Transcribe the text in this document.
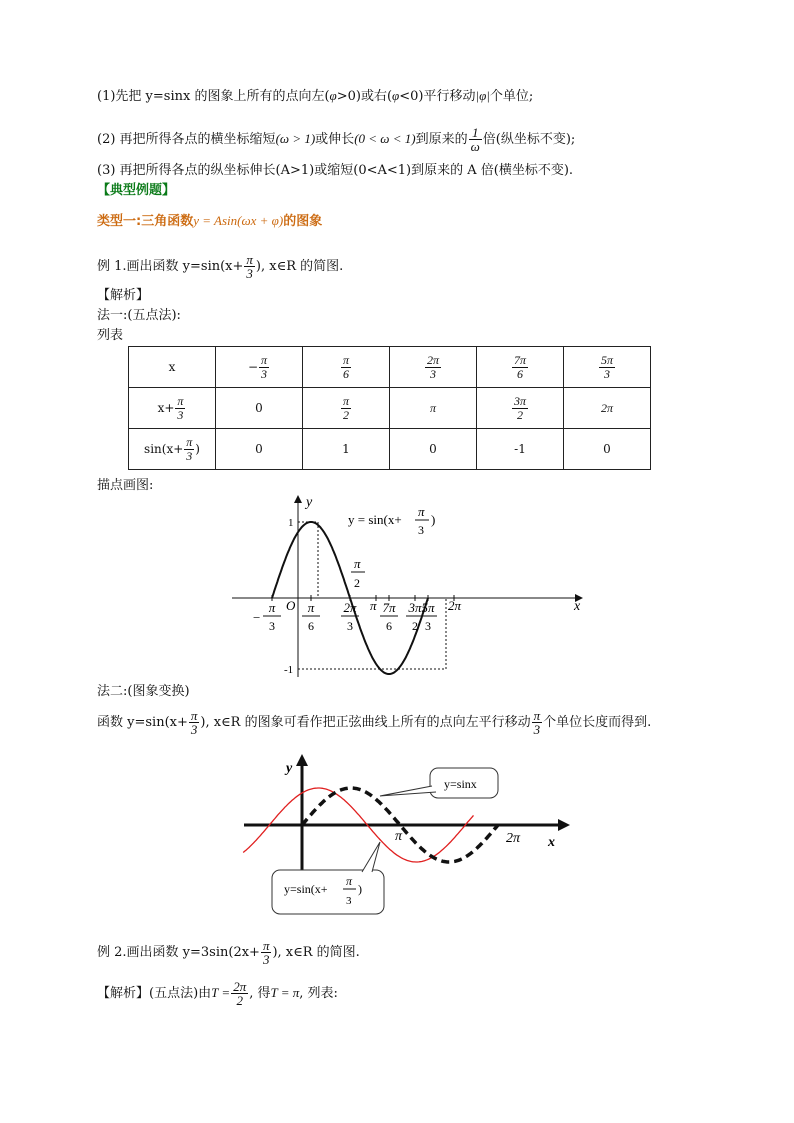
(1)先把 y=sinx 的图象上所有的点向左(φ>0)或右(φ<0)平行移动|φ|个单位;
(2) 再把所得各点的横坐标缩短(ω > 1)或伸长(0 < ω < 1)到原来的 $\frac{1}{\omega}$ 倍(纵坐标不变);
(3) 再把所得各点的纵坐标伸长(A>1)或缩短(0<A<1)到原来的 A 倍(横坐标不变).
【典型例题】
类型一:三角函数y = Asin(ωx + φ)的图象
例 1.画出函数 $y=\sin(x+ \frac{\pi}{3}$ ), x∈R 的简图.
【解析】
法一:(五点法):
列表
x	− $\frac{\pi}{3}$	$\frac{\pi}{6}$	$\frac{2\pi}{3}$	$\frac{7\pi}{6}$	$\frac{5\pi}{3}$

$x+ \frac{\pi}{3}$	0	$\frac{\pi}{2}$	π	$\frac{3\pi}{2}$	2π
$\sin(x+ \frac{\pi}{3}$ )	0	1	0	-1	0
描点画图:
y
x
O
1
-1
y = sin(x+
π
3
)
π
2
−
π
3
π
6
2π
3
π 7π
6
3π
2
5π
3
2π
法二:(图象变换)
函数 $y=\sin(x+ \frac{\pi}{3}$ ), x∈R 的图象可看作把正弦曲线上所有的点向左平行移动 $\frac{\pi}{3}$ 个单位长度而得到.
y
x
π	2π
y=sinx
y=sin(x+
π
3
)
例 2.画出函数 $y=3\sin(2x+ \frac{\pi}{3}$ ), x∈R 的简图.
【解析】(五点法)由$T = \frac{2\pi}{2}$ , 得T = π, 列表:
